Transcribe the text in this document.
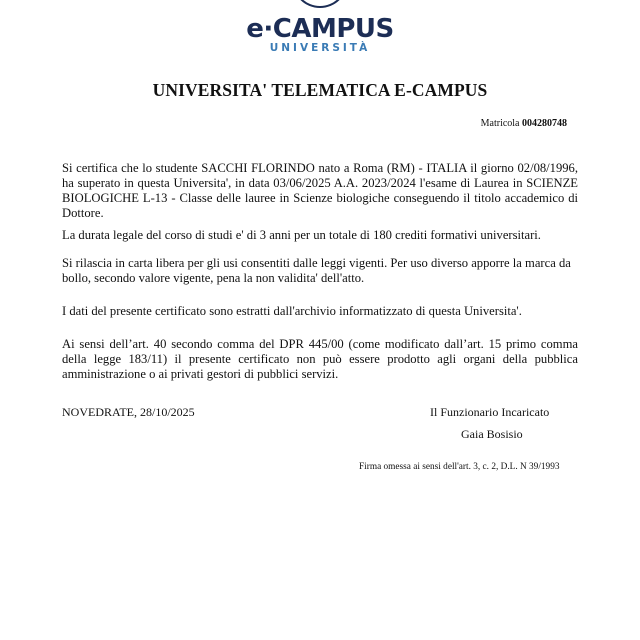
e·CAMPUS
UNIVERSITÀ
UNIVERSITA' TELEMATICA E-CAMPUS
Matricola 004280748
Si certifica che lo studente SACCHI FLORINDO nato a Roma (RM) - ITALIA il giorno 02/08/1996, ha superato in questa Universita', in data 03/06/2025 A.A. 2023/2024 l'esame di Laurea in SCIENZE BIOLOGICHE L-13 - Classe delle lauree in Scienze biologiche conseguendo il titolo accademico di Dottore.
La durata legale del corso di studi e' di 3 anni per un totale di 180 crediti formativi universitari.
Si rilascia in carta libera per gli usi consentiti dalle leggi vigenti. Per uso diverso apporre la marca da bollo, secondo valore vigente, pena la non validita' dell'atto.
I dati del presente certificato sono estratti dall'archivio informatizzato di questa Universita'.
Ai sensi dell’art. 40 secondo comma del DPR 445/00 (come modificato dall’art. 15 primo comma della legge 183/11) il presente certificato non può essere prodotto agli organi della pubblica amministrazione o ai privati gestori di pubblici servizi.
NOVEDRATE, 28/10/2025	Il Funzionario Incaricato
Gaia Bosisio
Firma omessa ai sensi dell'art. 3, c. 2, D.L. N 39/1993
